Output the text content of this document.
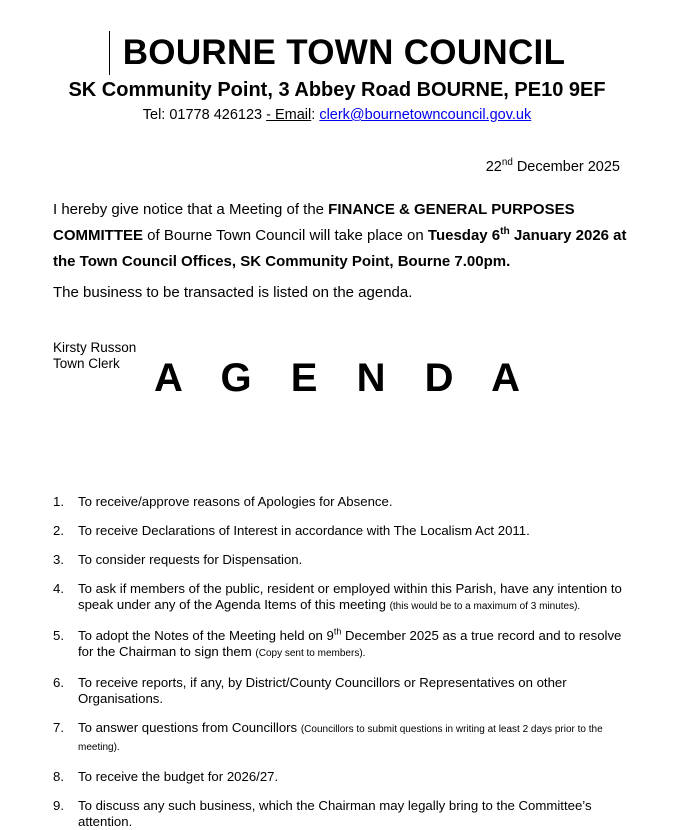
BOURNE TOWN COUNCIL
SK Community Point, 3 Abbey Road BOURNE, PE10 9EF
Tel: 01778 426123 - Email: clerk@bournetowncouncil.gov.uk
22nd December 2025
I hereby give notice that a Meeting of the FINANCE & GENERAL PURPOSES COMMITTEE of Bourne Town Council will take place on Tuesday 6th January 2026 at the Town Council Offices, SK Community Point, Bourne 7.00pm.
The business to be transacted is listed on the agenda.
Kirsty Russon
Town Clerk A G E N D A
1.	To receive/approve reasons of Apologies for Absence.
2.	To receive Declarations of Interest in accordance with The Localism Act 2011.
3.	To consider requests for Dispensation.
4.	To ask if members of the public, resident or employed within this Parish, have any intention to speak under any of the Agenda Items of this meeting (this would be to a maximum of 3 minutes).
5.	To adopt the Notes of the Meeting held on 9th December 2025 as a true record and to resolve for the Chairman to sign them (Copy sent to members).
6.	To receive reports, if any, by District/County Councillors or Representatives on other Organisations.
7.	To answer questions from Councillors (Councillors to submit questions in writing at least 2 days prior to the meeting).
8.	To receive the budget for 2026/27.
9.	To discuss any such business, which the Chairman may legally bring to the Committee’s attention.
